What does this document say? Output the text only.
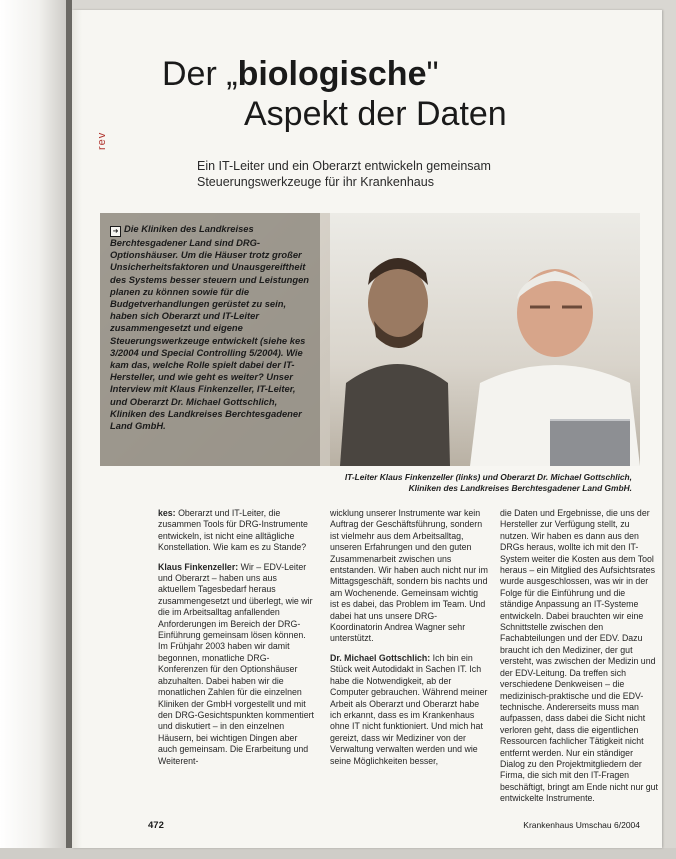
rev
Der „biologische"
Aspekt der Daten
Ein IT-Leiter und ein Oberarzt entwickeln gemeinsam Steuerungswerkzeuge für ihr Krankenhaus
➜ Die Kliniken des Landkreises Berchtesgadener Land sind DRG-Optionshäuser. Um die Häuser trotz großer Unsicherheitsfaktoren und Unausgereiftheit des Systems besser steuern und Leistungen planen zu können sowie für die Budgetverhandlungen gerüstet zu sein, haben sich Oberarzt und IT-Leiter zusammengesetzt und eigene Steuerungswerkzeuge entwickelt (siehe kes 3/2004 und Special Controlling 5/2004). Wie kam das, welche Rolle spielt dabei der IT-Hersteller, und wie geht es weiter? Unser Interview mit Klaus Finkenzeller, IT-Leiter, und Oberarzt Dr. Michael Gottschlich, Kliniken des Landkreises Berchtesgadener Land GmbH.
IT-Leiter Klaus Finkenzeller (links) und Oberarzt Dr. Michael Gottschlich, Kliniken des Landkreises Berchtesgadener Land GmbH.

kes: Oberarzt und IT-Leiter, die zusammen Tools für DRG-Instrumente entwickeln, ist nicht eine alltägliche Konstellation. Wie kam es zu Stande?

Klaus Finkenzeller: Wir – EDV-Leiter und Oberarzt – haben uns aus aktuellem Tagesbedarf heraus zusammengesetzt und überlegt, wie wir die im Arbeitsalltag anfallenden Anforderungen im Bereich der DRG-Einführung gemeinsam lösen können. Im Frühjahr 2003 haben wir damit begonnen, monatliche DRG-Konferenzen für den Optionshäuser abzuhalten. Dabei haben wir die monatlichen Zahlen für die einzelnen Kliniken der GmbH vorgestellt und mit den DRG-Gesichtspunkten kommentiert und diskutiert – in den einzelnen Häusern, bei wichtigen Dingen aber auch gemeinsam. Die Erarbeitung und Weiterent-

wicklung unserer Instrumente war kein Auftrag der Geschäftsführung, sondern ist vielmehr aus dem Arbeitsalltag, unseren Erfahrungen und den guten Zusammenarbeit zwischen uns entstanden. Wir haben auch nicht nur im Mittagsgeschäft, sondern bis nachts und am Wochenende. Gemeinsam wichtig ist es dabei, das Problem im Team. Und dabei hat uns unsere DRG-Koordinatorin Andrea Wagner sehr unterstützt.

Dr. Michael Gottschlich: Ich bin ein Stück weit Autodidakt in Sachen IT. Ich habe die Notwendigkeit, ab der Computer gebrauchen. Während meiner Arbeit als Oberarzt und Oberarzt habe ich erkannt, dass es im Krankenhaus ohne IT nicht funktioniert. Und mich hat gereizt, dass wir Mediziner von der Verwaltung verwalten werden und wie seine Möglichkeiten besser,

die Daten und Ergebnisse, die uns der Hersteller zur Verfügung stellt, zu nutzen. Wir haben es dann aus den DRGs heraus, wollte ich mit den IT-System weiter die Kosten aus dem Tool heraus – ein Mitglied des Aufsichtsrates wurde ausgeschlossen, was wir in der Folge für die Einführung und die ständige Anpassung an IT-Systeme entwickeln. Dabei brauchten wir eine Schnittstelle zwischen den Fachabteilungen und der EDV. Dazu braucht ich den Mediziner, der gut versteht, was zwischen der Medizin und der EDV-Leitung. Da treffen sich verschiedene Denkweisen – die medizinisch-praktische und die EDV-technische. Andererseits muss man aufpassen, dass dabei die Sicht nicht verloren geht, dass die eigentlichen Ressourcen fachlicher Tätigkeit nicht entfernt werden. Nur ein ständiger Dialog zu den Projektmitgliedern der Firma, die sich mit den IT-Fragen beschäftigt, bringt am Ende nicht nur gut entwickelte Instrumente.

472	Krankenhaus Umschau 6/2004
